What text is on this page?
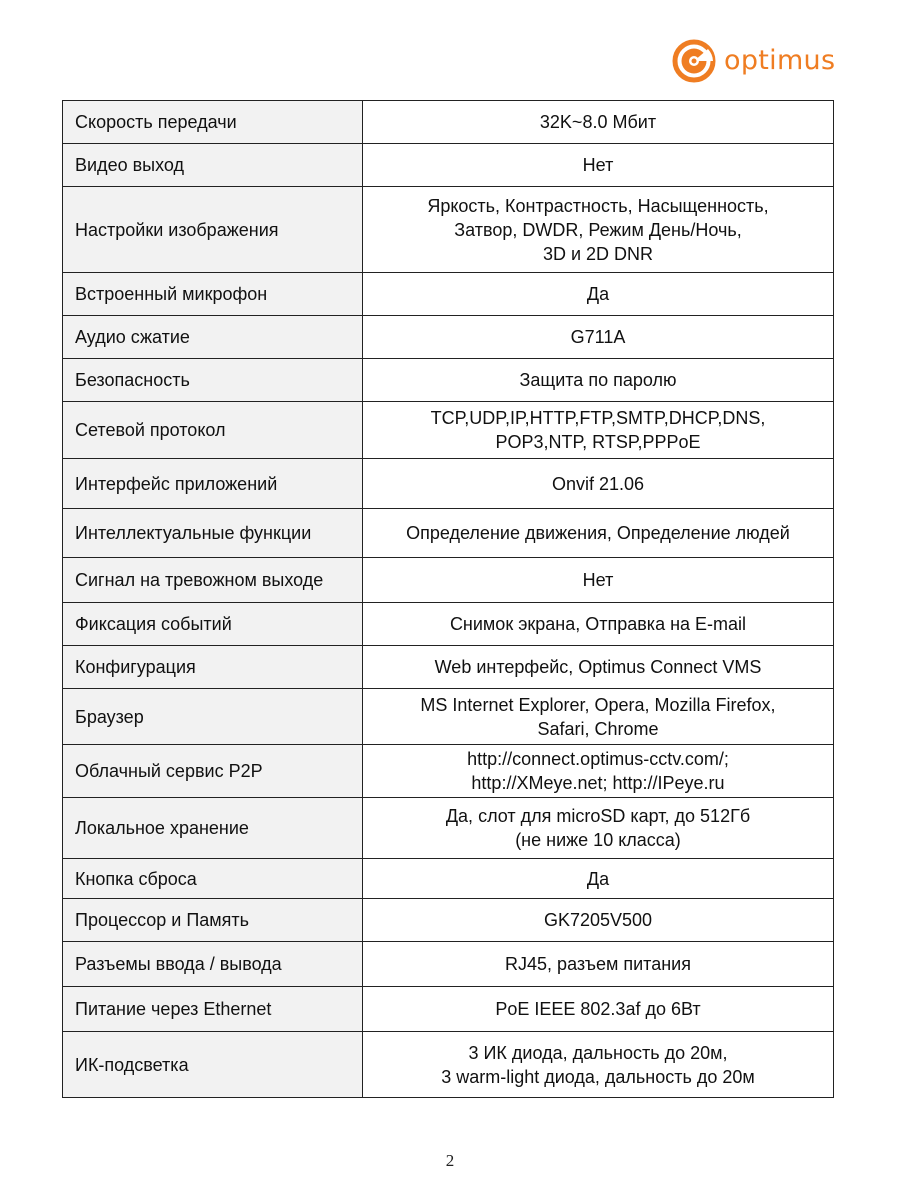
optimus
Скорость передачи	32K~8.0 Мбит

Видео выход	Нет

Настройки изображения	Яркость, Контрастность, Насыщенность,
Затвор, DWDR, Режим День/Ночь,
3D и 2D DNR

Встроенный микрофон	Да

Аудио сжатие	G711A

Безопасность	Защита по паролю

Сетевой протокол	TCP,UDP,IP,HTTP,FTP,SMTP,DHCP,DNS,
POP3,NTP, RTSP,PPPoE

Интерфейс приложений	Onvif 21.06

Интеллектуальные функции	Определение движения, Определение людей

Сигнал на тревожном выходе	Нет

Фиксация событий	Снимок экрана, Отправка на E-mail

Конфигурация	Web интерфейс, Optimus Connect VMS

Браузер	MS Internet Explorer, Opera, Mozilla Firefox,
Safari, Chrome

Облачный сервис P2P	http://connect.optimus-cctv.com/;
http://XMeye.net; http://IPeye.ru

Локальное хранение	Да, слот для microSD карт, до 512Гб
(не ниже 10 класса)

Кнопка сброса	Да

Процессор и Память	GK7205V500

Разъемы ввода / вывода	RJ45, разъем питания

Питание через Ethernet	PoE IEEE 802.3af до 6Вт

ИК-подсветка	3 ИК диода, дальность до 20м,
3 warm-light диода, дальность до 20м
2
